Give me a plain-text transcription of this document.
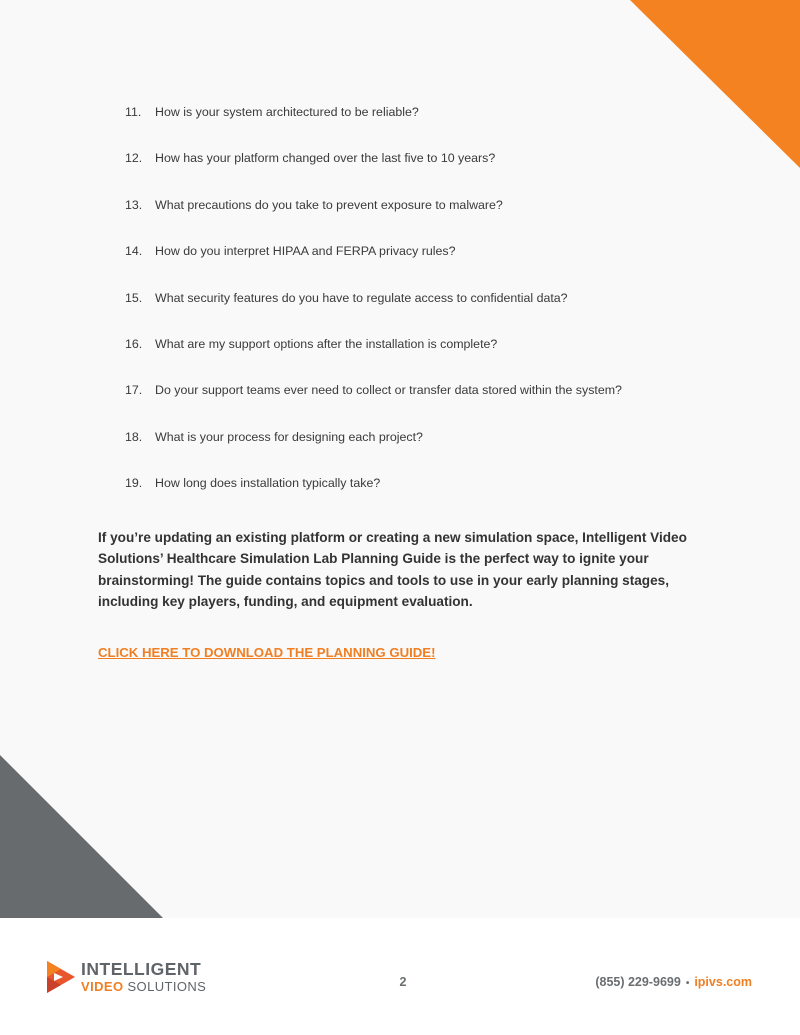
11.	How is your system architectured to be reliable?
12.	How has your platform changed over the last five to 10 years?
13.	What precautions do you take to prevent exposure to malware?
14.	How do you interpret HIPAA and FERPA privacy rules?
15.	What security features do you have to regulate access to confidential data?
16.	What are my support options after the installation is complete?
17.	Do your support teams ever need to collect or transfer data stored within the system?
18.	What is your process for designing each project?
19.	How long does installation typically take?

If you’re updating an existing platform or creating a new simulation space, Intelligent Video Solutions’ Healthcare Simulation Lab Planning Guide is the perfect way to ignite your brainstorming! The guide contains topics and tools to use in your early planning stages, including key players, funding, and equipment evaluation.

CLICK HERE TO DOWNLOAD THE PLANNING GUIDE!
INTELLIGENT
VIDEO SOLUTIONS	2	(855) 229-9699 • ipivs.com
